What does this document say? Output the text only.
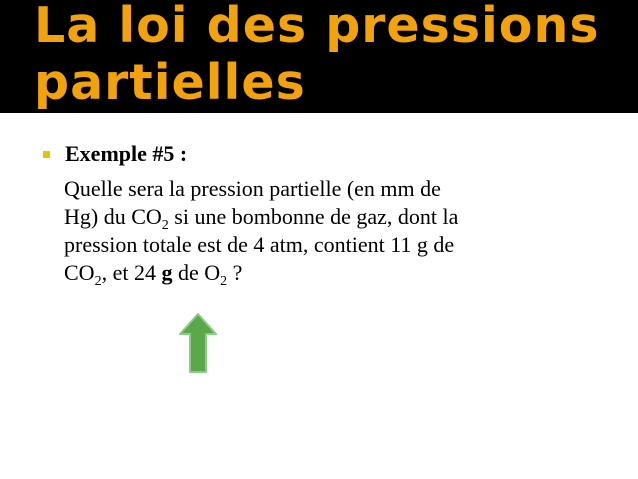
La loi des pressions
partielles
Exemple #5 :
Quelle sera la pression partielle (en mm de
Hg) du $CO_2$ si une bombonne de gaz, dont la
pression totale est de 4 atm, contient 11 g de
$CO_2$, et 24 g de $O_2$ ?
